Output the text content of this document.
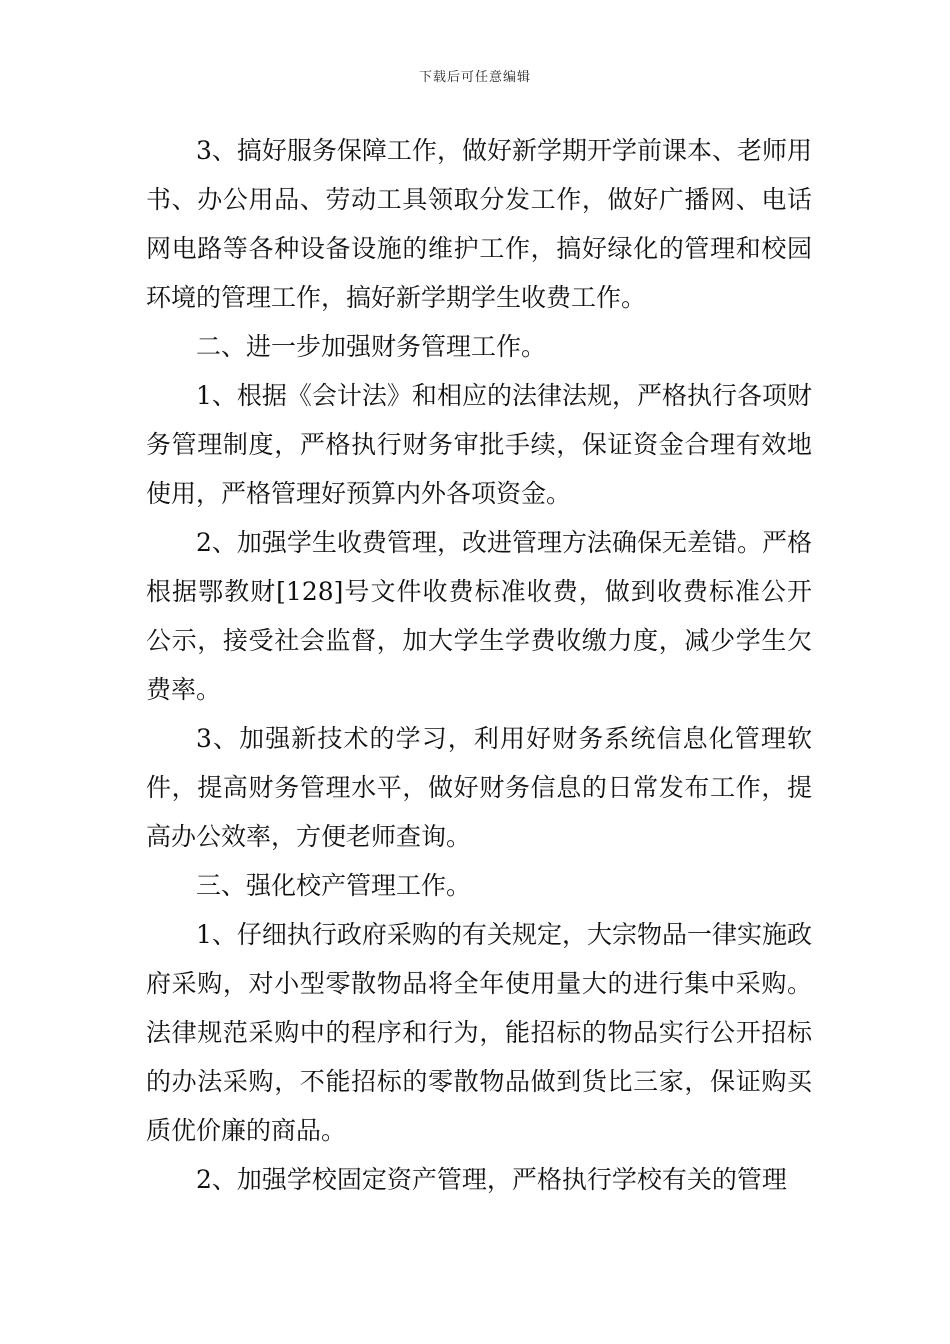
下载后可任意编辑

3、搞好服务保障工作，做好新学期开学前课本、老师用书、办公用品、劳动工具领取分发工作，做好广播网、电话网电路等各种设备设施的维护工作，搞好绿化的管理和校园环境的管理工作，搞好新学期学生收费工作。

二、进一步加强财务管理工作。

1、根据《会计法》和相应的法律法规，严格执行各项财务管理制度，严格执行财务审批手续，保证资金合理有效地使用，严格管理好预算内外各项资金。

2、加强学生收费管理，改进管理方法确保无差错。严格根据鄂教财[128]号文件收费标准收费，做到收费标准公开公示，接受社会监督，加大学生学费收缴力度，减少学生欠费率。

3、加强新技术的学习，利用好财务系统信息化管理软件，提高财务管理水平，做好财务信息的日常发布工作，提高办公效率，方便老师查询。

三、强化校产管理工作。

1、仔细执行政府采购的有关规定，大宗物品一律实施政府采购，对小型零散物品将全年使用量大的进行集中采购。法律规范采购中的程序和行为，能招标的物品实行公开招标的办法采购，不能招标的零散物品做到货比三家，保证购买质优价廉的商品。

2、加强学校固定资产管理，严格执行学校有关的管理
